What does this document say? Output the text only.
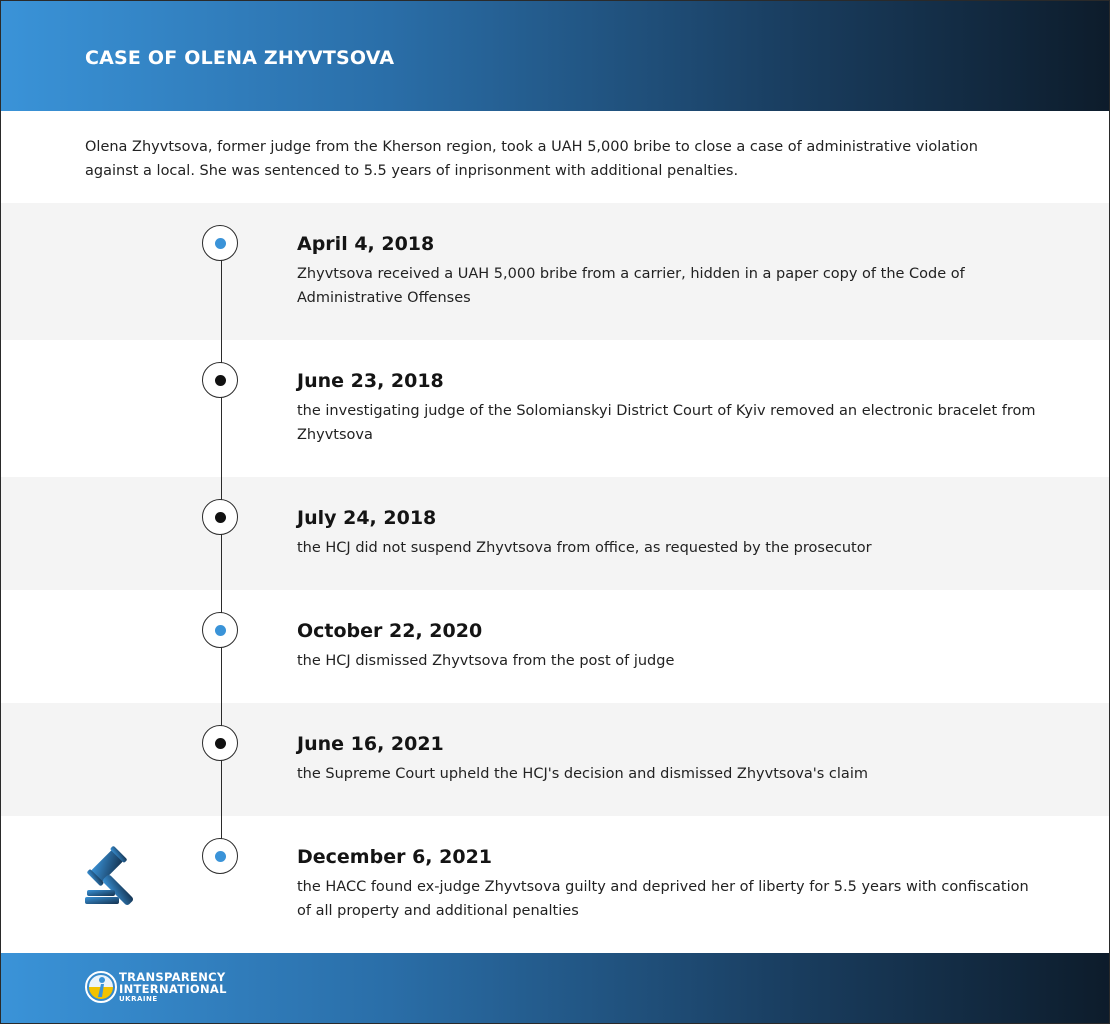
CASE OF OLENA ZHYVTSOVA

Olena Zhyvtsova, former judge from the Kherson region, took a UAH 5,000 bribe to close a case of administrative violation against a local. She was sentenced to 5.5 years of inprisonment with additional penalties.

April 4, 2018

Zhyvtsova received a UAH 5,000 bribe from a carrier, hidden in a paper copy of the Code of Administrative Offenses

June 23, 2018

the investigating judge of the Solomianskyi District Court of Kyiv removed an electronic bracelet from Zhyvtsova

July 24, 2018

the HCJ did not suspend Zhyvtsova from office, as requested by the prosecutor

October 22, 2020

the HCJ dismissed Zhyvtsova from the post of judge

June 16, 2021

the Supreme Court upheld the HCJ's decision and dismissed Zhyvtsova's claim

December 6, 2021

the HACC found ex-judge Zhyvtsova guilty and deprived her of liberty for 5.5 years with confiscation of all property and additional penalties

TRANSPARENCY
INTERNATIONAL
UKRAINE
